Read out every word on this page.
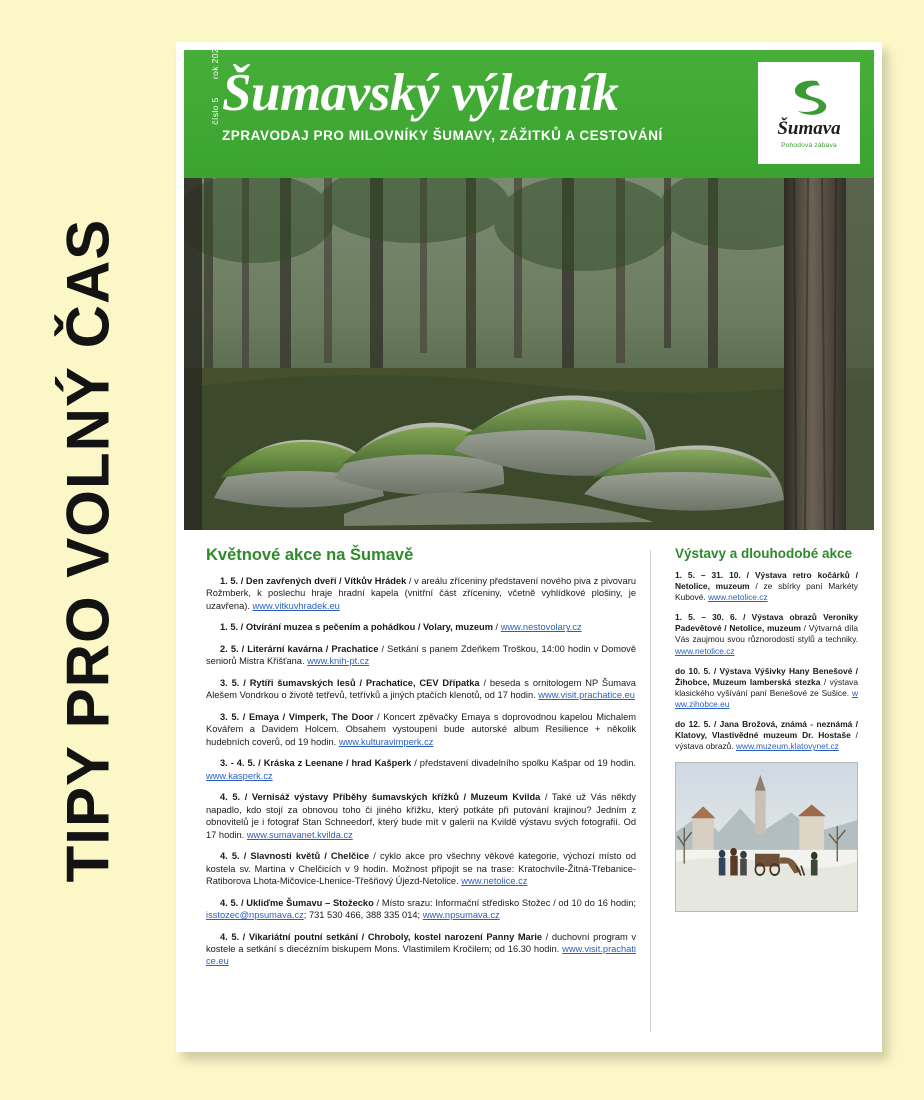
TIPY PRO VOLNÝ ČAS
číslo 5
rok 2024
Šumavský výletník
ZPRAVODAJ PRO MILOVNÍKY ŠUMAVY, ZÁŽITKŮ A CESTOVÁNÍ	Šumava
Pohodová zábava
Květnové akce na Šumavě

1. 5. / Den zavřených dveří / Vítkův Hrádek / v areálu zříceniny představení nového piva z pivovaru Rožmberk, k poslechu hraje hradní kapela (vnitřní část zříceniny, včetně vyhlídkové plošiny, je uzavřena). www.vitkuvhradek.eu

1. 5. / Otvírání muzea s pečením a pohádkou / Volary, muzeum / www.nestovolary.cz

2. 5. / Literární kavárna / Prachatice / Setkání s panem Zdeňkem Troškou, 14:00 hodin v Domově seniorů Mistra Křišťana. www.knih-pt.cz

3. 5. / Rytíři šumavských lesů / Prachatice, CEV Dřípatka / beseda s ornitologem NP Šumava Alešem Vondrkou o životě tetřevů, tetřívků a jiných ptačích klenotů, od 17 hodin. www.visit.prachatice.eu

3. 5. / Emaya / Vimperk, The Door / Koncert zpěvačky Emaya s doprovodnou kapelou Michalem Kovářem a Davidem Holcem. Obsahem vystoupení bude autorské album Resilience + několik hudebních coverů, od 19 hodin. www.kulturavimperk.cz

3. - 4. 5. / Kráska z Leenane / hrad Kašperk / představení divadelního spolku Kašpar od 19 hodin. www.kasperk.cz

4. 5. / Vernisáž výstavy Příběhy šumavských křížků / Muzeum Kvilda / Také už Vás někdy napadlo, kdo stojí za obnovou toho či jiného křížku, který potkáte při putování krajinou? Jedním z obnovitelů je i fotograf Stan Schneedorf, který bude mít v galerii na Kvildě výstavu svých fotografií. Od 17 hodin. www.sumavanet.kvilda.cz

4. 5. / Slavnosti květů / Chelčice / cyklo akce pro všechny věkové kategorie, výchozí místo od kostela sv. Martina v Chelčicích v 9 hodin. Možnost připojit se na trase: Kratochvíle-Žitná-Třebanice-Ratiborova Lhota-Mičovice-Lhenice-Třešňový Újezd-Netolice. www.netolice.cz

4. 5. / Ukliďme Šumavu – Stožecko / Místo srazu: Informační středisko Stožec / od 10 do 16 hodin; isstozec@npsumava.cz; 731 530 466, 388 335 014; www.npsumava.cz

4. 5. / Vikariátní poutní setkání / Chroboly, kostel narození Panny Marie / duchovní program v kostele a setkání s diecézním biskupem Mons. Vlastimilem Kročilem; od 16.30 hodin. www.visit.prachatice.eu

Výstavy a dlouhodobé akce

1. 5. – 31. 10. / Výstava retro kočárků / Netolice, muzeum / ze sbírky paní Markéty Kubové. www.netolice.cz

1. 5. – 30. 6. / Výstava obrazů Veroniky Padevětové / Netolice, muzeum / Výtvarná díla Vás zaujmou svou různorodostí stylů a techniky. www.netolice.cz

do 10. 5. / Výstava Výšivky Hany Benešové / Žihobce, Muzeum lamberská stezka / výstava klasického vyšívání paní Benešové ze Sušice. www.zihobce.eu

do 12. 5. / Jana Brožová, známá - neznámá / Klatovy, Vlastivědné muzeum Dr. Hostaše / výstava obrazů. www.muzeum.klatovynet.cz
